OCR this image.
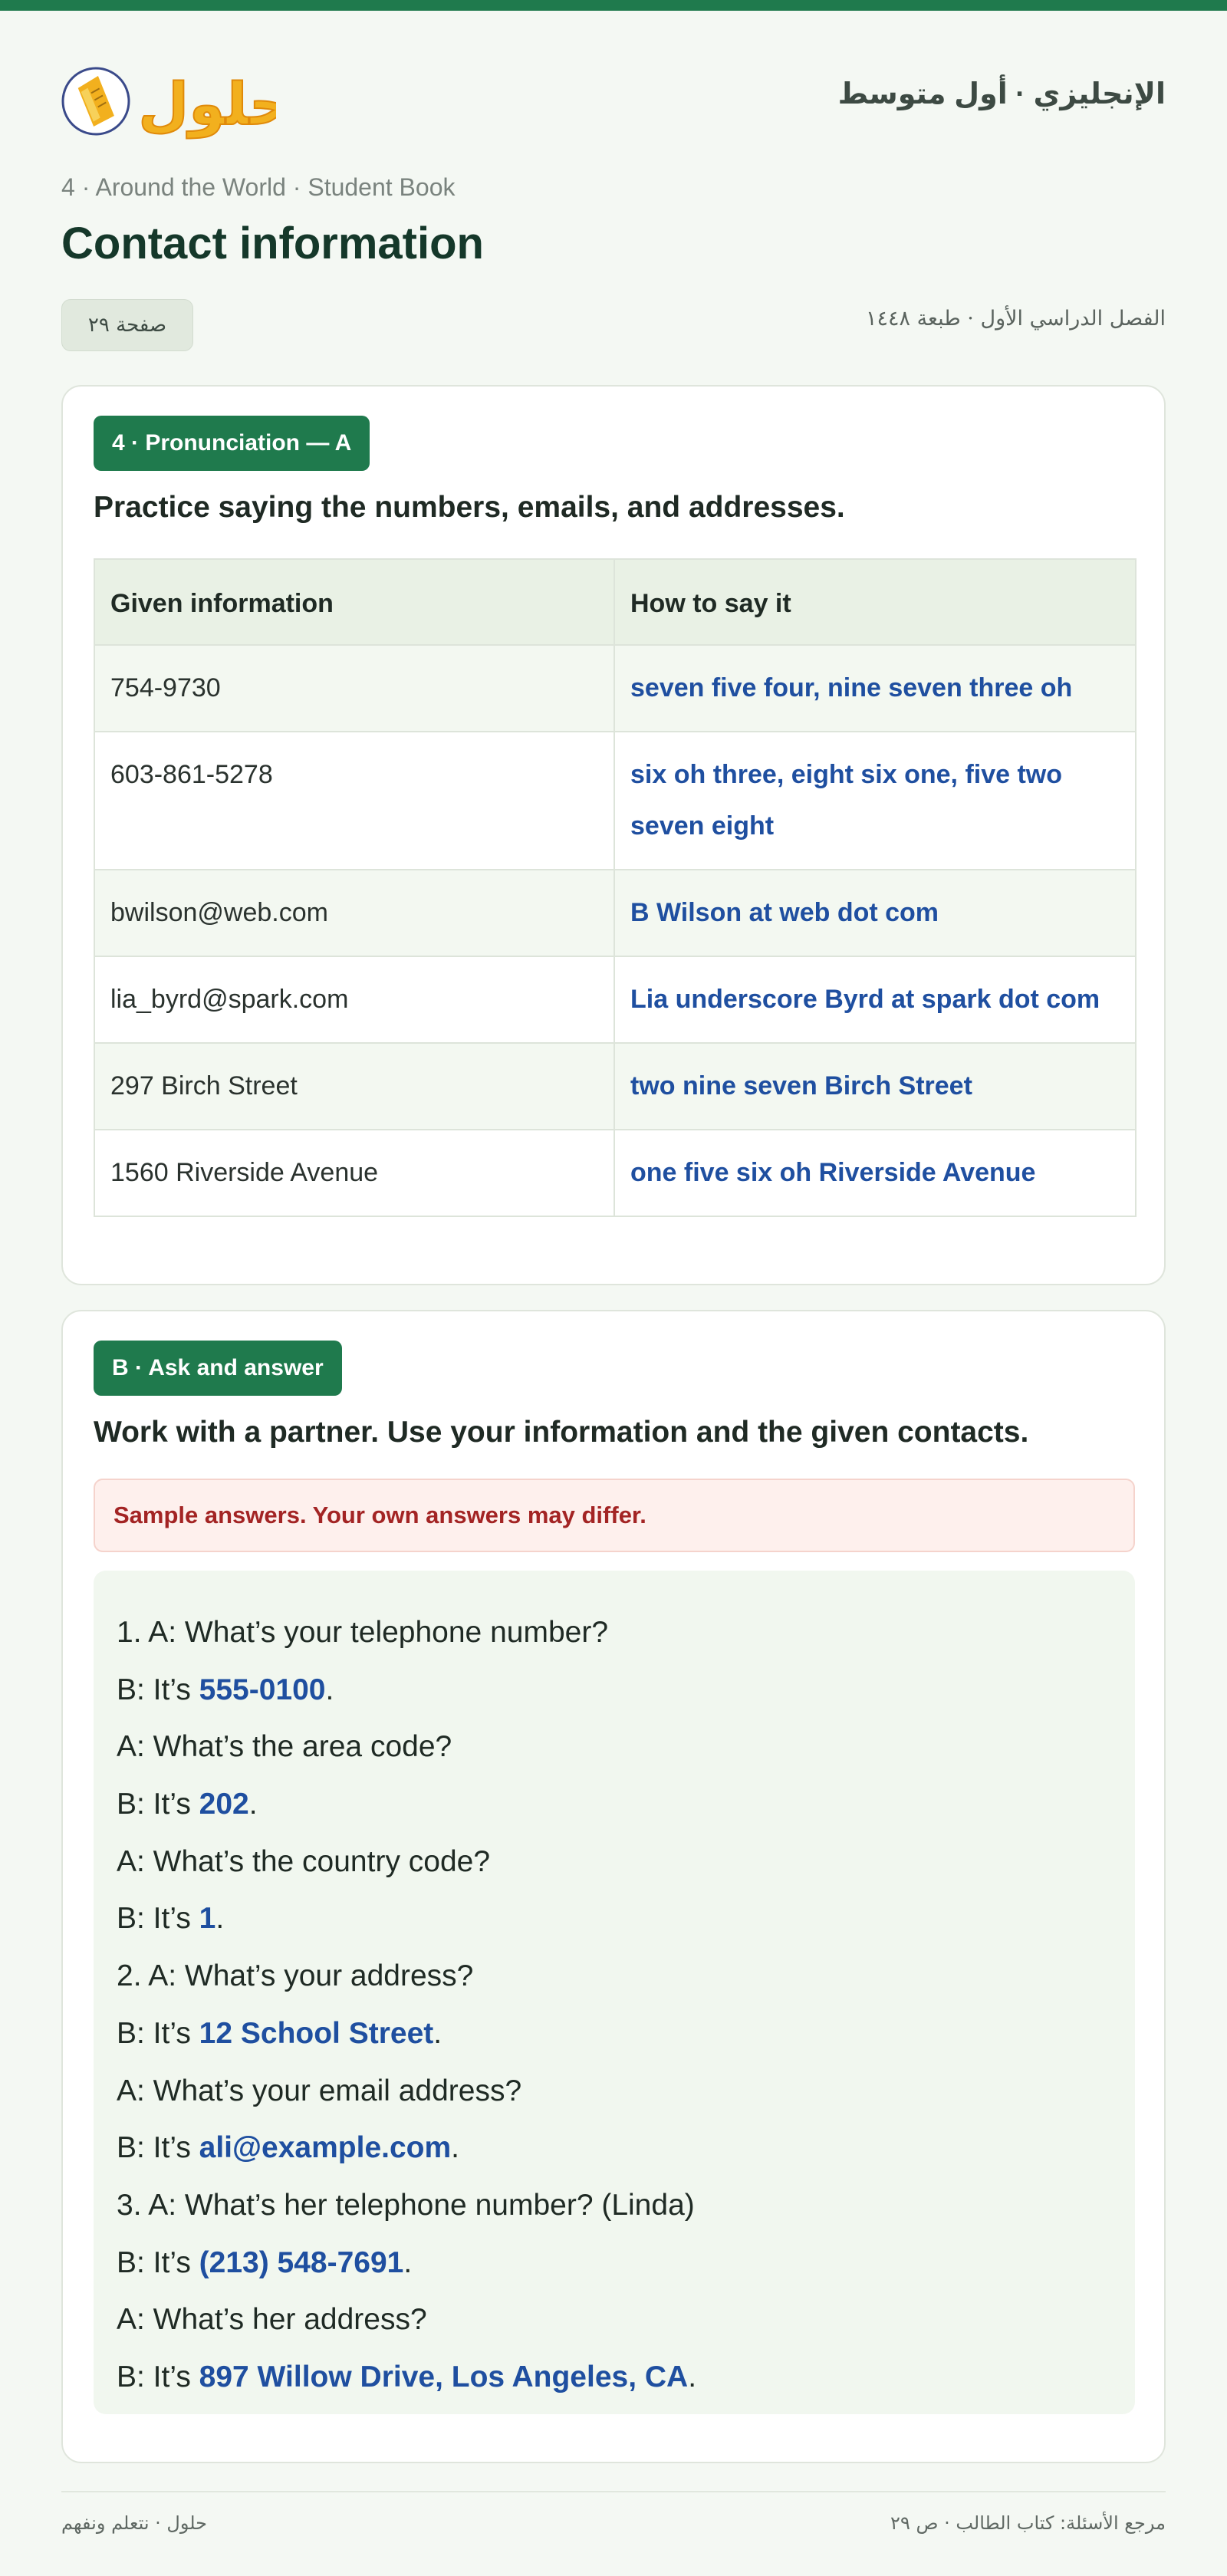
حلول	الإنجليزي · أول متوسط
4 · Around the World · Student Book
Contact information
صفحة ٢٩	الفصل الدراسي الأول · طبعة ١٤٤٨
4 · Pronunciation — A
Practice saying the numbers, emails, and addresses.
Given information	How to say it
754-9730	seven five four, nine seven three oh
603-861-5278	six oh three, eight six one, five two seven eight
bwilson@web.com	B Wilson at web dot com
lia_byrd@spark.com	Lia underscore Byrd at spark dot com
297 Birch Street	two nine seven Birch Street
1560 Riverside Avenue	one five six oh Riverside Avenue
B · Ask and answer
Work with a partner. Use your information and the given contacts.
Sample answers. Your own answers may differ.
1. A: What’s your telephone number?
B: It’s 555-0100.
A: What’s the area code?
B: It’s 202.
A: What’s the country code?
B: It’s 1.
2. A: What’s your address?
B: It’s 12 School Street.
A: What’s your email address?
B: It’s ali@example.com.
3. A: What’s her telephone number? (Linda)
B: It’s (213) 548-7691.
A: What’s her address?
B: It’s 897 Willow Drive, Los Angeles, CA.
حلول · نتعلم ونفهم	مرجع الأسئلة: كتاب الطالب · ص ٢٩
